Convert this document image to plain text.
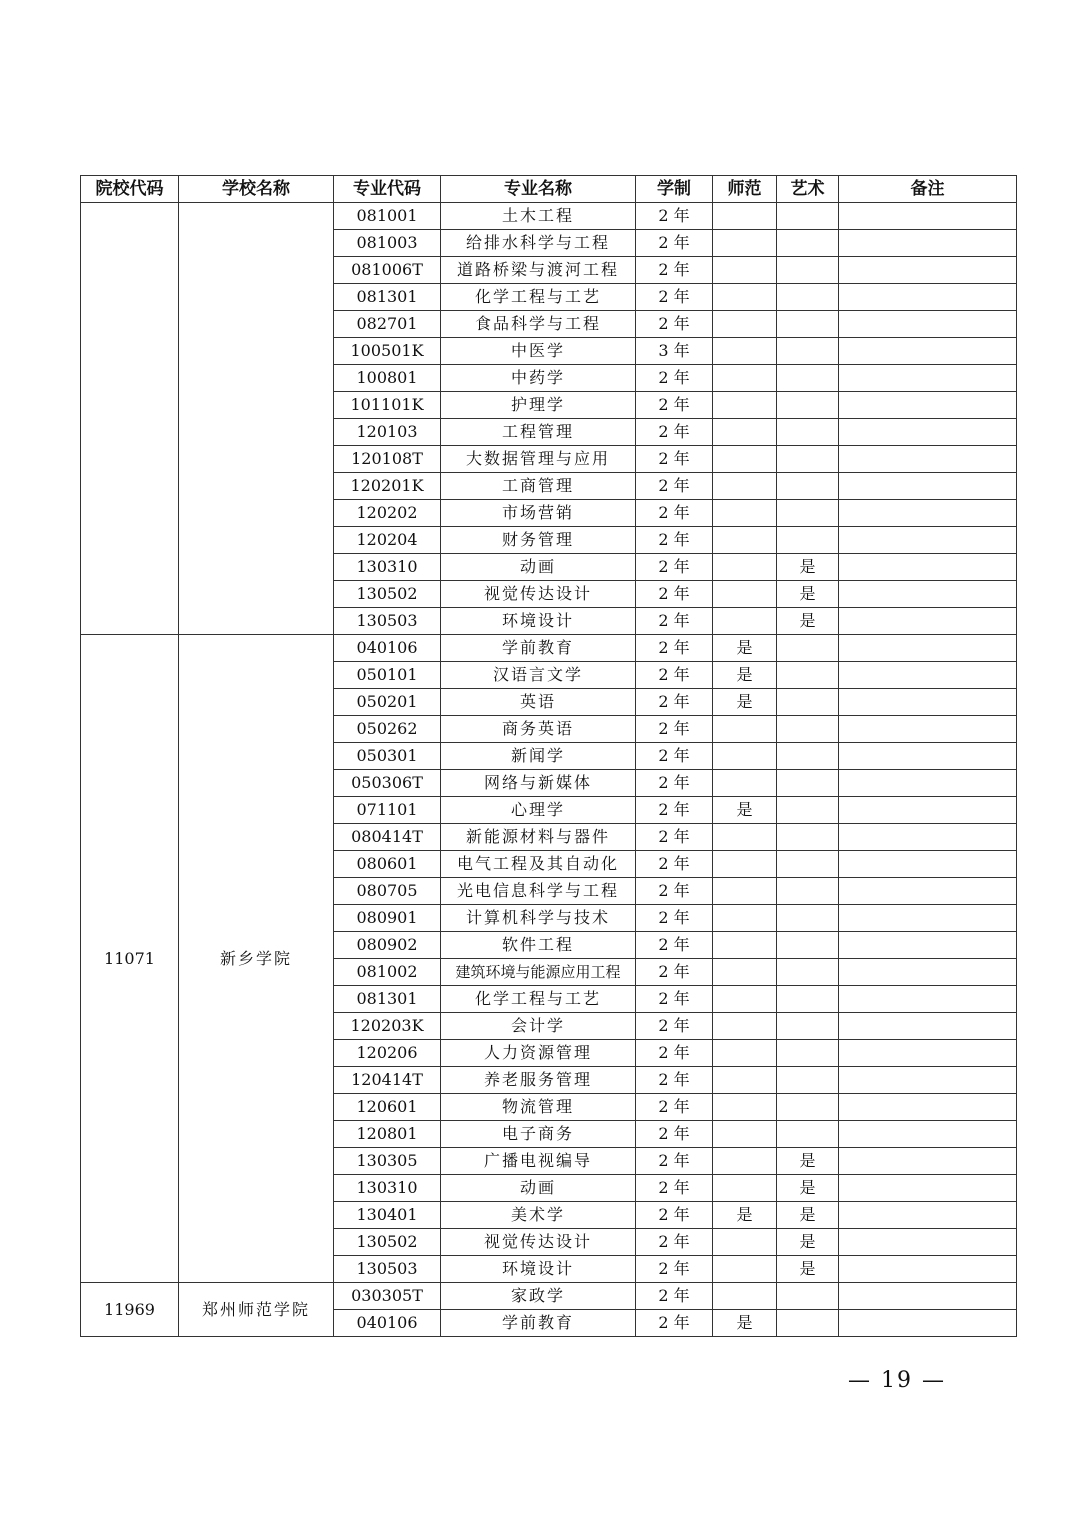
院校代码	学校名称	专业代码	专业名称	学制	师范	艺术	备注
		081001	土木工程	2 年			
		081003	给排水科学与工程	2 年			
		081006T	道路桥梁与渡河工程	2 年			
		081301	化学工程与工艺	2 年			
		082701	食品科学与工程	2 年			
		100501K	中医学	3 年			
		100801	中药学	2 年			
		101101K	护理学	2 年			
		120103	工程管理	2 年			
		120108T	大数据管理与应用	2 年			
		120201K	工商管理	2 年			
		120202	市场营销	2 年			
		120204	财务管理	2 年			
		130310	动画	2 年		是	
		130502	视觉传达设计	2 年		是	
		130503	环境设计	2 年		是	
11071	新乡学院	040106	学前教育	2 年	是		
		050101	汉语言文学	2 年	是		
		050201	英语	2 年	是		
		050262	商务英语	2 年			
		050301	新闻学	2 年			
		050306T	网络与新媒体	2 年			
		071101	心理学	2 年	是		
		080414T	新能源材料与器件	2 年			
		080601	电气工程及其自动化	2 年			
		080705	光电信息科学与工程	2 年			
		080901	计算机科学与技术	2 年			
		080902	软件工程	2 年			
		081002	建筑环境与能源应用工程	2 年			
		081301	化学工程与工艺	2 年			
		120203K	会计学	2 年			
		120206	人力资源管理	2 年			
		120414T	养老服务管理	2 年			
		120601	物流管理	2 年			
		120801	电子商务	2 年			
		130305	广播电视编导	2 年		是	
		130310	动画	2 年		是	
		130401	美术学	2 年	是	是	
		130502	视觉传达设计	2 年		是	
		130503	环境设计	2 年		是	
11969	郑州师范学院	030305T	家政学	2 年			
		040106	学前教育	2 年	是		
— 19 —
